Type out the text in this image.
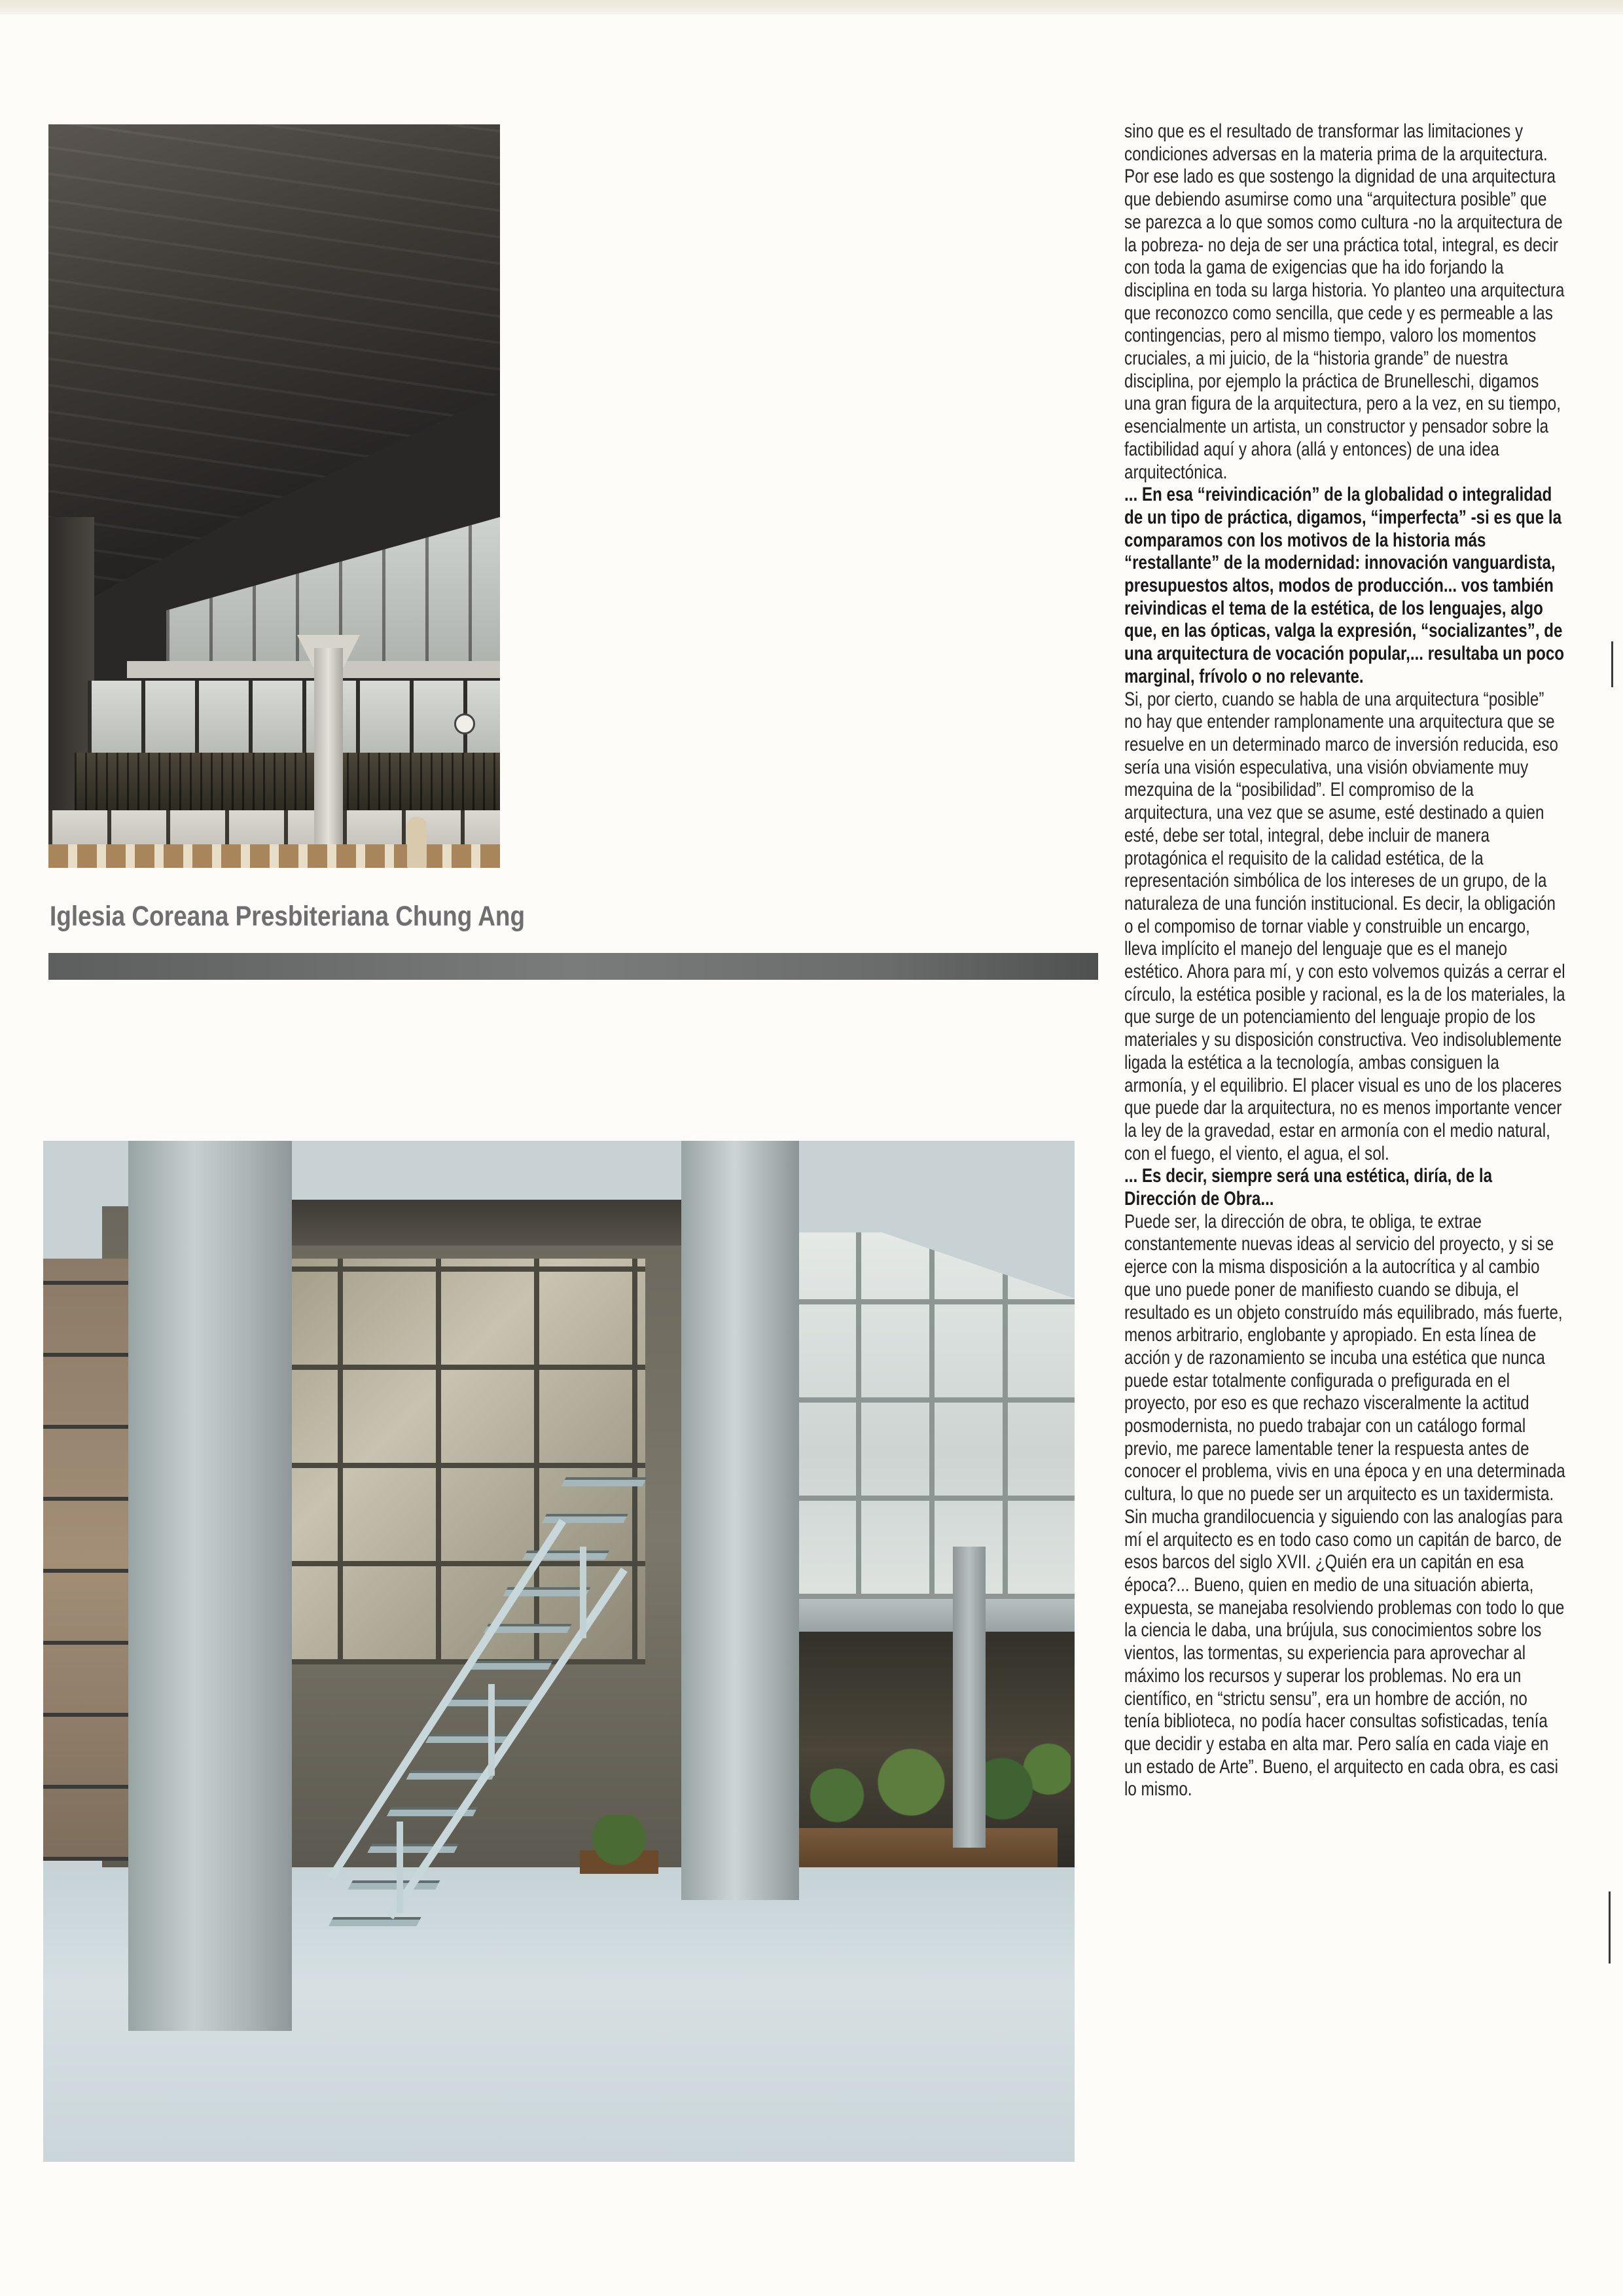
Iglesia Coreana Presbiteriana Chung Ang

sino que es el resultado de transformar las limitaciones y condiciones adversas en la materia prima de la arquitectura. Por ese lado es que sostengo la dignidad de una arquitectura que debiendo asumirse como una “arquitectura posible” que se parezca a lo que somos como cultura -no la arquitectura de la pobreza- no deja de ser una práctica total, integral, es decir con toda la gama de exigencias que ha ido forjando la disciplina en toda su larga historia. Yo planteo una arquitectura que reconozco como sencilla, que cede y es permeable a las contingencias, pero al mismo tiempo, valoro los momentos cruciales, a mi juicio, de la “historia grande” de nuestra disciplina, por ejemplo la práctica de Brunelleschi, digamos una gran figura de la arquitectura, pero a la vez, en su tiempo, esencialmente un artista, un constructor y pensador sobre la factibilidad aquí y ahora (allá y entonces) de una idea arquitectónica.

... En esa “reivindicación” de la globalidad o integralidad de un tipo de práctica, digamos, “imperfecta” -si es que la comparamos con los motivos de la historia más “restallante” de la modernidad: innovación vanguardista, presupuestos altos, modos de producción... vos también reivindicas el tema de la estética, de los lenguajes, algo que, en las ópticas, valga la expresión, “socializantes”, de una arquitectura de vocación popular,... resultaba un poco marginal, frívolo o no relevante.

Si, por cierto, cuando se habla de una arquitectura “posible” no hay que entender ramplonamente una arquitectura que se resuelve en un determinado marco de inversión reducida, eso sería una visión especulativa, una visión obviamente muy mezquina de la “posibilidad”. El compromiso de la arquitectura, una vez que se asume, esté destinado a quien esté, debe ser total, integral, debe incluir de manera protagónica el requisito de la calidad estética, de la representación simbólica de los intereses de un grupo, de la naturaleza de una función institucional. Es decir, la obligación o el compomiso de tornar viable y construible un encargo, lleva implícito el manejo del lenguaje que es el manejo estético. Ahora para mí, y con esto volvemos quizás a cerrar el círculo, la estética posible y racional, es la de los materiales, la que surge de un potenciamiento del lenguaje propio de los materiales y su disposición constructiva. Veo indisolublemente ligada la estética a la tecnología, ambas consiguen la armonía, y el equilibrio. El placer visual es uno de los placeres que puede dar la arquitectura, no es menos importante vencer la ley de la gravedad, estar en armonía con el medio natural, con el fuego, el viento, el agua, el sol.

... Es decir, siempre será una estética, diría, de la Dirección de Obra...

Puede ser, la dirección de obra, te obliga, te extrae constantemente nuevas ideas al servicio del proyecto, y si se ejerce con la misma disposición a la autocrítica y al cambio que uno puede poner de manifiesto cuando se dibuja, el resultado es un objeto construído más equilibrado, más fuerte, menos arbitrario, englobante y apropiado. En esta línea de acción y de razonamiento se incuba una estética que nunca puede estar totalmente configurada o prefigurada en el proyecto, por eso es que rechazo visceralmente la actitud posmodernista, no puedo trabajar con un catálogo formal previo, me parece lamentable tener la respuesta antes de conocer el problema, vivis en una época y en una determinada cultura, lo que no puede ser un arquitecto es un taxidermista.

Sin mucha grandilocuencia y siguiendo con las analogías para mí el arquitecto es en todo caso como un capitán de barco, de esos barcos del siglo XVII. ¿Quién era un capitán en esa época?... Bueno, quien en medio de una situación abierta, expuesta, se manejaba resolviendo problemas con todo lo que la ciencia le daba, una brújula, sus conocimientos sobre los vientos, las tormentas, su experiencia para aprovechar al máximo los recursos y superar los problemas. No era un científico, en “strictu sensu”, era un hombre de acción, no tenía biblioteca, no podía hacer consultas sofisticadas, tenía que decidir y estaba en alta mar. Pero salía en cada viaje en un estado de Arte”. Bueno, el arquitecto en cada obra, es casi lo mismo.
